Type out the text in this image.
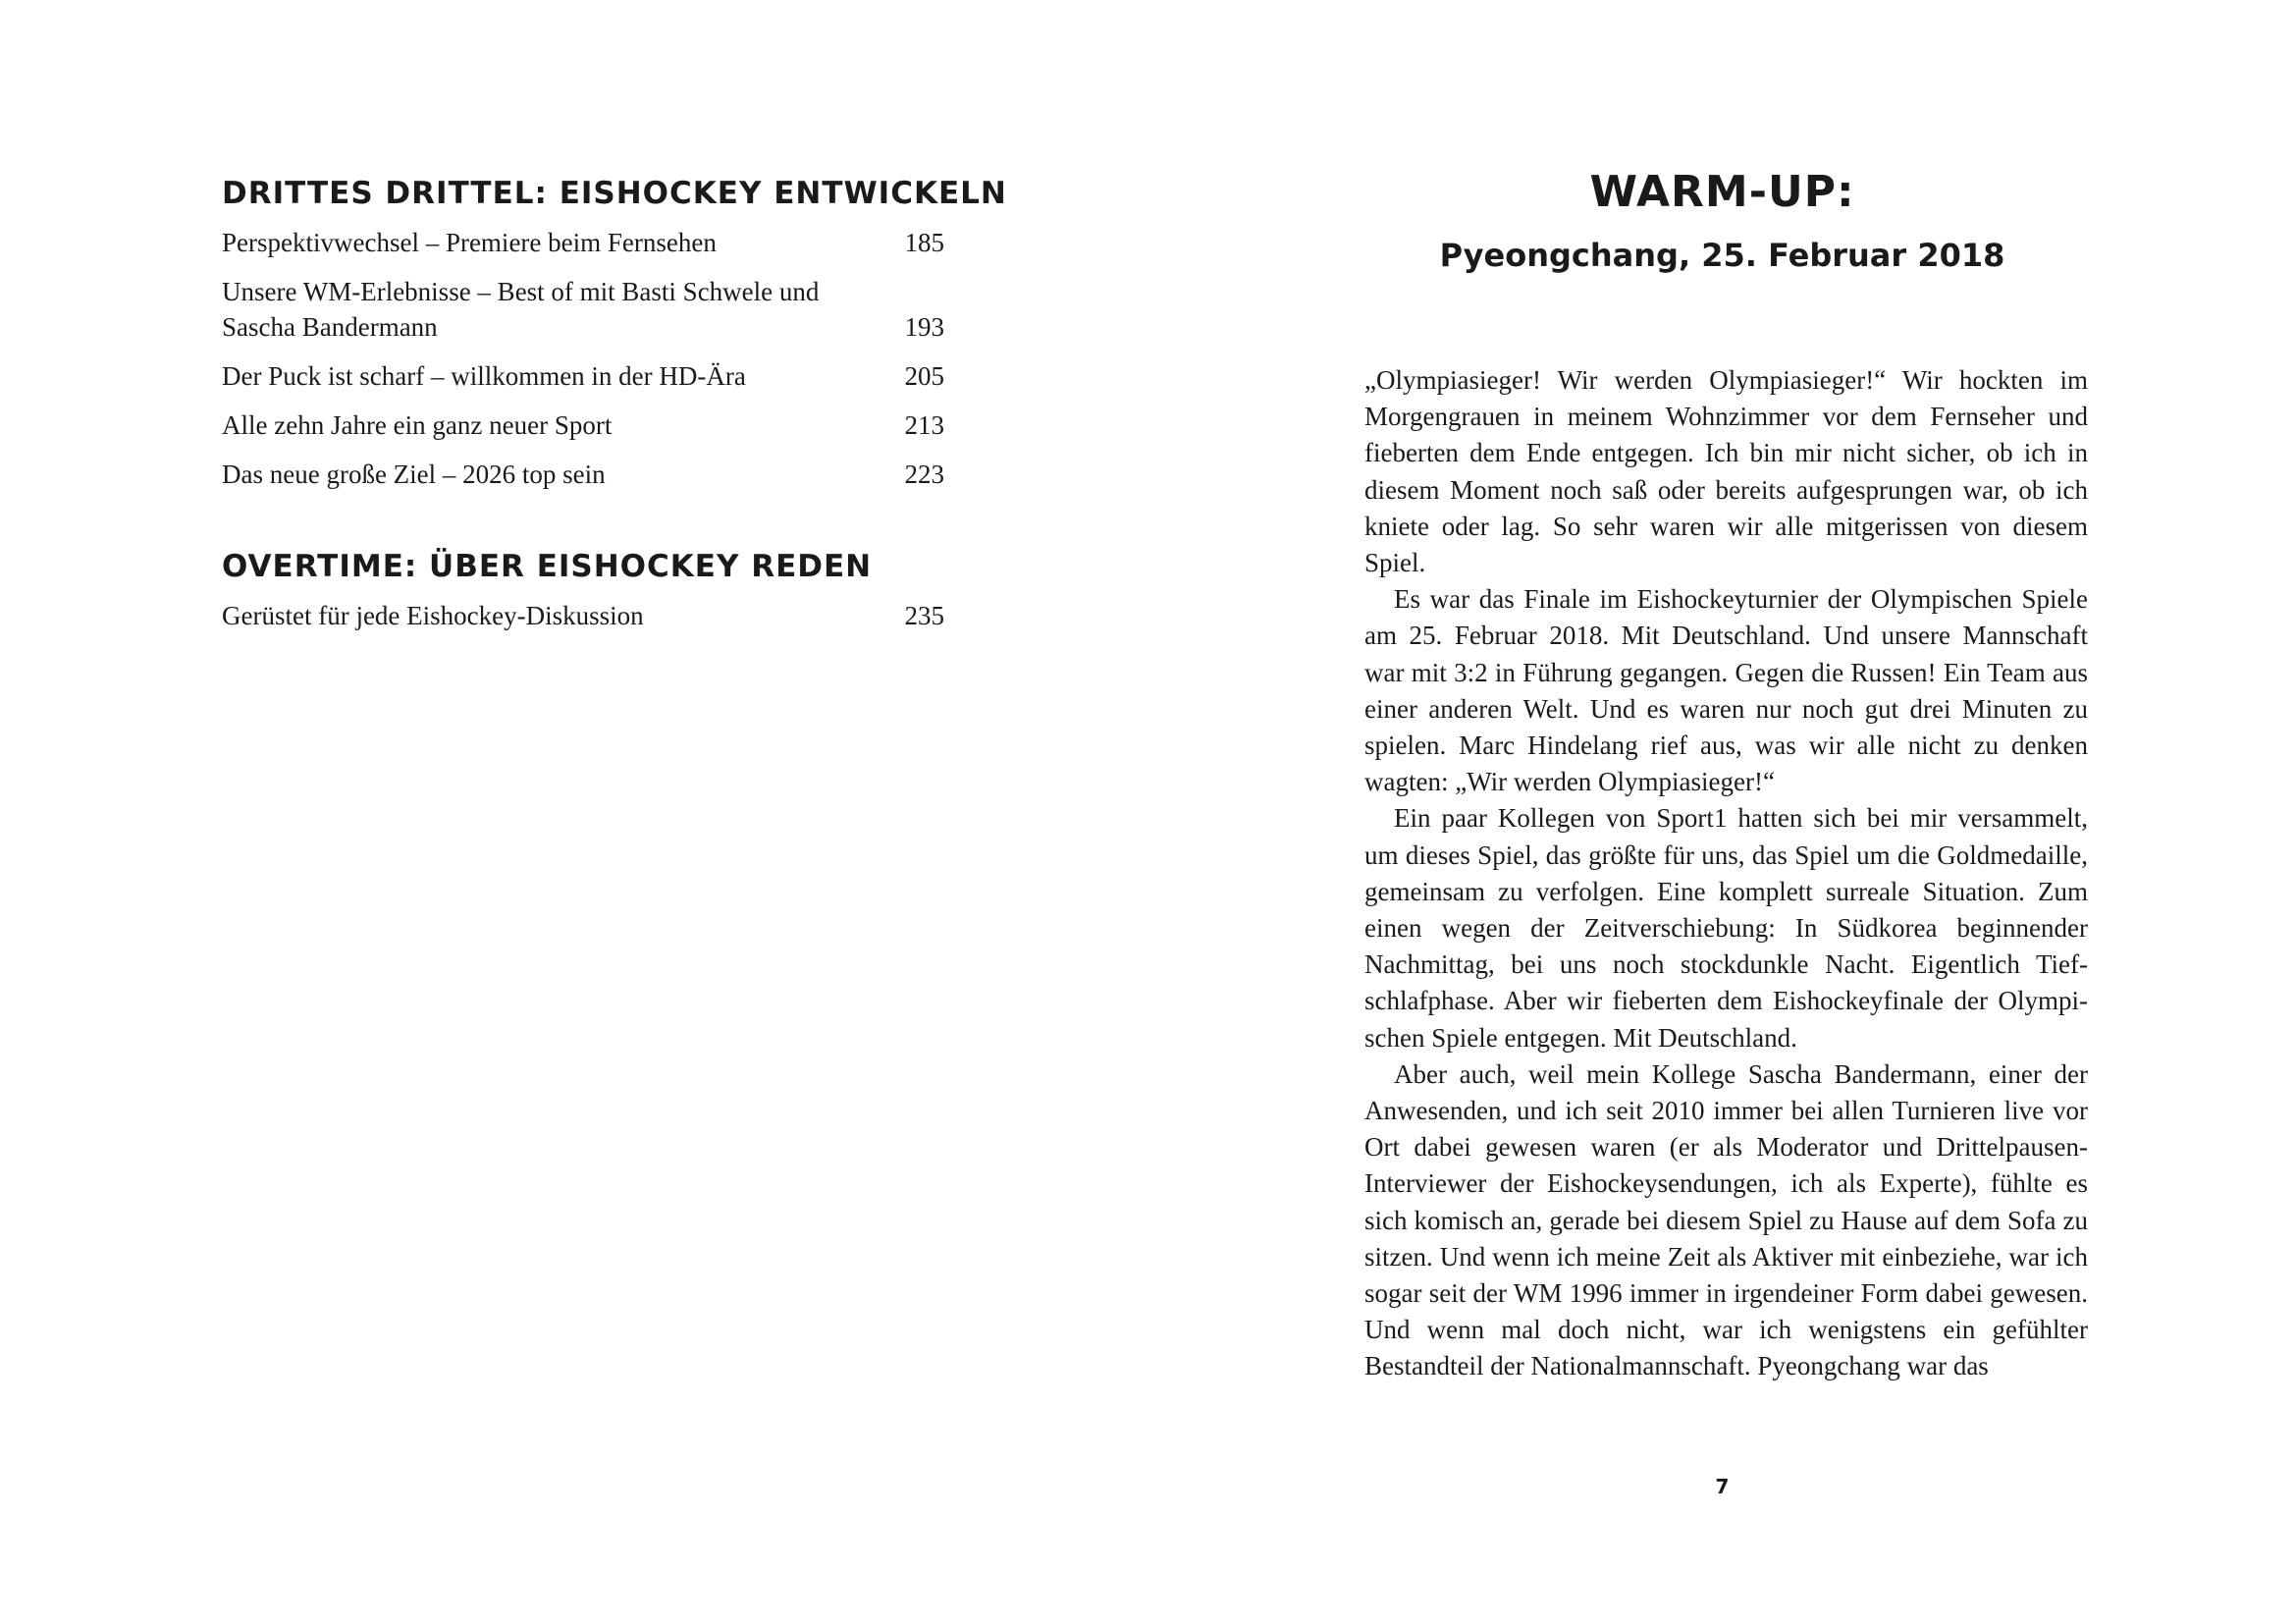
DRITTES DRITTEL: EISHOCKEY ENTWICKELN
Perspektivwechsel – Premiere beim Fernsehen	185
Unsere WM-Erlebnisse – Best of mit Basti Schwele und Sascha Bandermann	193
Der Puck ist scharf – willkommen in der HD-Ära	205
Alle zehn Jahre ein ganz neuer Sport	213
Das neue große Ziel – 2026 top sein	223
OVERTIME: ÜBER EISHOCKEY REDEN
Gerüstet für jede Eishockey-Diskussion	235
WARM-UP:
Pyeongchang, 25. Februar 2018

„Olympiasieger! Wir werden Olympiasieger!“ Wir hockten im Morgengrauen in meinem Wohnzimmer vor dem Fernseher und fieberten dem Ende entgegen. Ich bin mir nicht sicher, ob ich in diesem Moment noch saß oder bereits aufgesprungen war, ob ich kniete oder lag. So sehr waren wir alle mitgerissen von diesem Spiel.

Es war das Finale im Eishockeyturnier der Olympischen Spiele am 25. Februar 2018. Mit Deutschland. Und unsere Mannschaft war mit 3:2 in Führung gegangen. Gegen die Russen! Ein Team aus einer anderen Welt. Und es waren nur noch gut drei Minuten zu spielen. Marc Hindelang rief aus, was wir alle nicht zu denken wagten: „Wir werden Olympiasieger!“

Ein paar Kollegen von Sport1 hatten sich bei mir versammelt, um dieses Spiel, das größte für uns, das Spiel um die Goldmedaille, gemeinsam zu verfolgen. Eine komplett surreale Situation. Zum einen wegen der Zeitverschiebung: In Südkorea beginnender Nachmittag, bei uns noch stockdunkle Nacht. Eigentlich Tiefschlafphase. Aber wir fieberten dem Eishockeyfinale der Olympischen Spiele entgegen. Mit Deutschland.

Aber auch, weil mein Kollege Sascha Bandermann, einer der Anwesenden, und ich seit 2010 immer bei allen Turnieren live vor Ort dabei gewesen waren (er als Moderator und Drittelpausen-Interviewer der Eishockeysendungen, ich als Experte), fühlte es sich komisch an, gerade bei diesem Spiel zu Hause auf dem Sofa zu sitzen. Und wenn ich meine Zeit als Aktiver mit einbeziehe, war ich sogar seit der WM 1996 immer in irgendeiner Form dabei gewesen. Und wenn mal doch nicht, war ich wenigstens ein gefühlter Bestandteil der Nationalmannschaft. Pyeongchang war das

7
